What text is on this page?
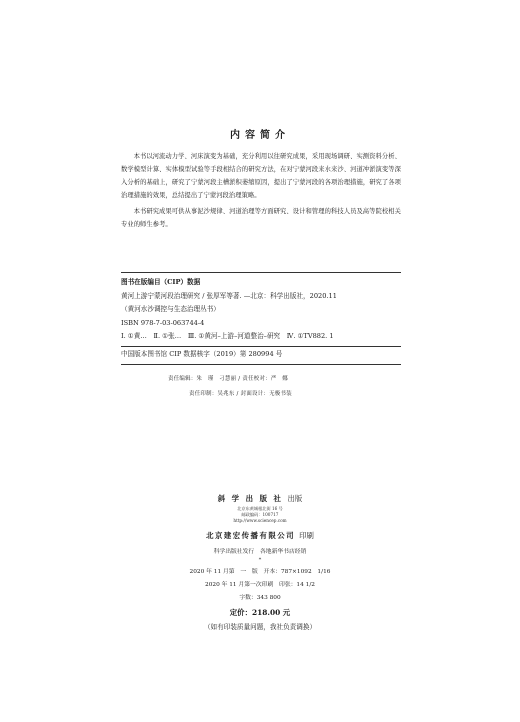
内容简介

本书以河流动力学、河床演变为基础，充分利用以往研究成果，采用现场调研、实测资料分析、数学模型计算、实体模型试验等手段相结合的研究方法，在对宁蒙河段来水来沙、河道冲淤演变等深入分析的基础上，研究了宁蒙河段主槽淤积萎缩原因，提出了宁蒙河段的各项治理措施，研究了各项治理措施的效果，总结提出了宁蒙河段治理策略。

本书研究成果可供从事泥沙规律、河道治理等方面研究、设计和管理的科技人员及高等院校相关专业的师生参考。

图书在版编目（CIP）数据
黄河上游宁蒙河段治理研究 / 张厚军等著. —北京：科学出版社，2020.11
（黄河水沙调控与生态治理丛书）
ISBN 978-7-03-063744-4
Ⅰ. ①黄…　Ⅱ. ①张…　Ⅲ. ①黄河–上游–河道整治–研究　Ⅳ. ①TV882. 1
中国版本图书馆 CIP 数据核字（2019）第 280994 号
责任编辑：朱　瑾　刁慧丽 / 责任校对：严　娜
责任印制：吴兆东 / 封面设计：无极书装
斜 学 出 版 社 出版
北京东黄城根北街 16 号
邮政编码：100717
http://www.sciencep.com
北京建宏传播有限公司 印刷
科学出版社发行　各地新华书店经销
*
2020 年 11 月第　一　版　开本：787×1092　1/16
2020 年 11 月第一次印刷　印张：14 1/2
字数：343 800
定价：218.00 元
（如有印装质量问题，我社负责调换）
